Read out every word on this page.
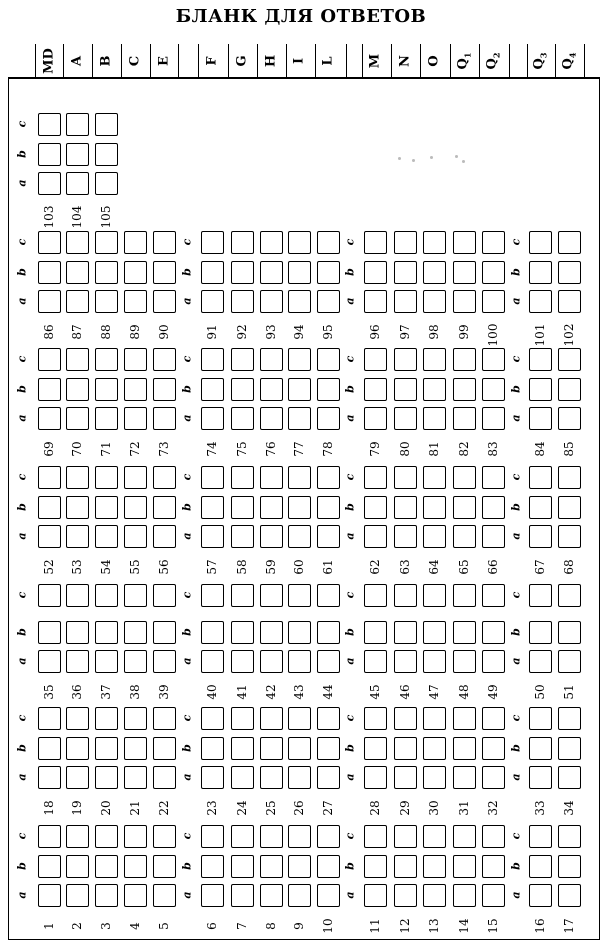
БЛАНК ДЛЯ ОТВЕТОВ
MD A B C E	F G H I L M N O $Q_1$
$Q_2$
$Q_3$
$Q_4$
c
b
a
103 104 105
c
b
a
86 87 88 89 90
c
b
a
91 92 93 94 95
c
b
a
96 97 98 99 100
c
b
a
101 102
c
b
a
69 70 71 72 73
c
b
a
74 75 76 77 78
c
b
a
79 80 81 82 83
c
b
a
84 85
c
b
a
52 53 54 55 56
c
b
a
57 58 59 60 61
c
b
a
62 63 64 65 66
c
b
a
67 68
c
b
a
35 36 37 38 39
c
b
a
40 41 42 43 44
c
b
a
45 46 47 48 49
c
b
a
50 51
c
b
a
18 19 20 21 22
c
b
a
23 24 25 26 27
c
b
a
28 29 30 31 32
c
b
a
33 34
c
b
a
1 2 3 4 5
c
b
a
6 7 8 9 10
c
b
a
11 12 13 14 15
c
b
a
16 17
